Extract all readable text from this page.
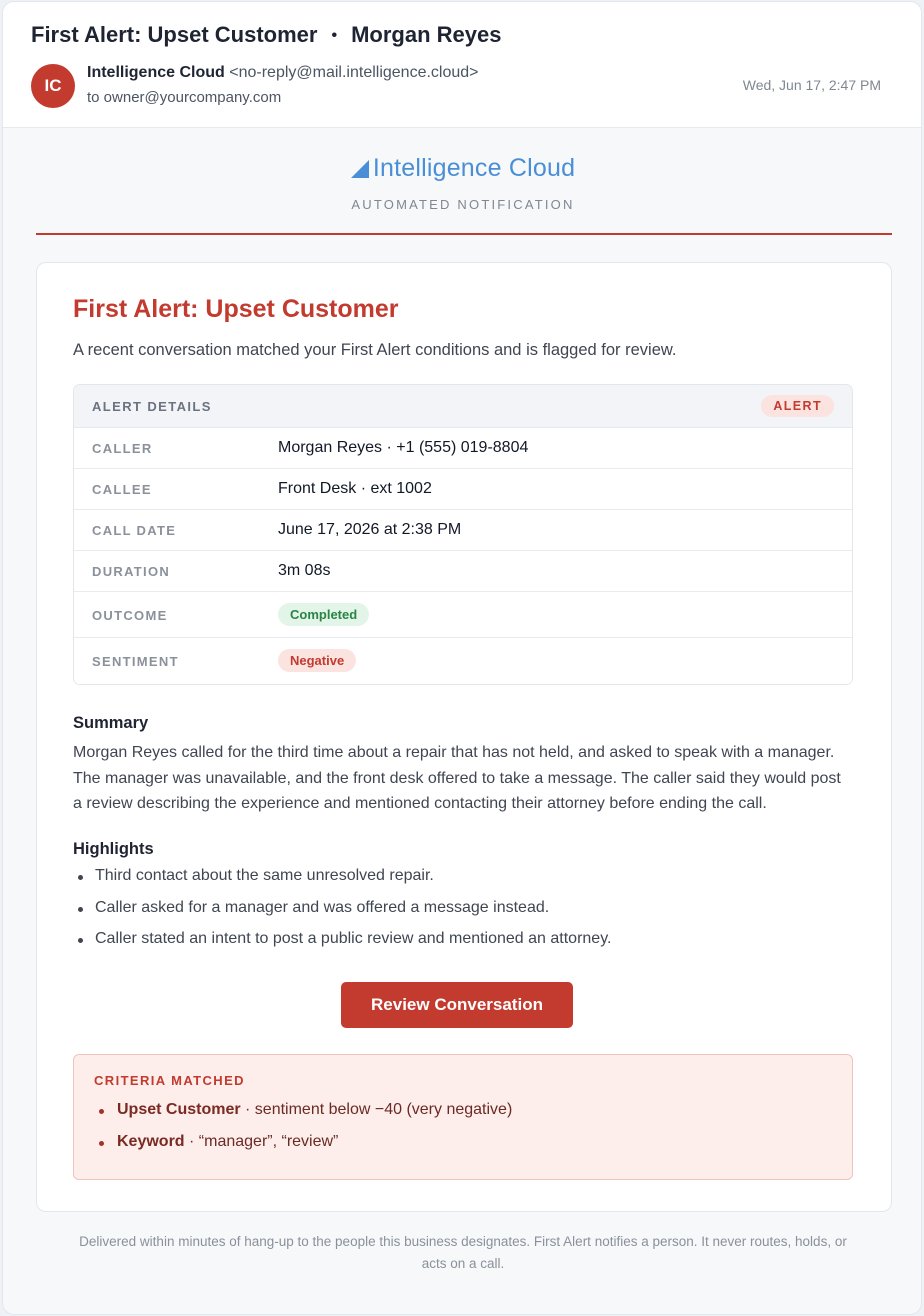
First Alert: Upset Customer • Morgan Reyes
IC
Intelligence Cloud <no-reply@mail.intelligence.cloud>
to owner@yourcompany.com
Wed, Jun 17, 2:47 PM
Intelligence Cloud
AUTOMATED NOTIFICATION
First Alert: Upset Customer
A recent conversation matched your First Alert conditions and is flagged for review.
ALERT DETAILS	ALERT
CALLER	Morgan Reyes · +1 (555) 019-8804
CALLEE	Front Desk · ext 1002
CALL DATE	June 17, 2026 at 2:38 PM
DURATION	3m 08s
OUTCOME	Completed
SENTIMENT	Negative
Summary
Morgan Reyes called for the third time about a repair that has not held, and asked to speak with a manager. The manager was unavailable, and the front desk offered to take a message. The caller said they would post a review describing the experience and mentioned contacting their attorney before ending the call.
Highlights
Third contact about the same unresolved repair.
Caller asked for a manager and was offered a message instead.
Caller stated an intent to post a public review and mentioned an attorney.
Review Conversation
CRITERIA MATCHED
Upset Customer · sentiment below −40 (very negative)
Keyword · “manager”, “review”
Delivered within minutes of hang-up to the people this business designates. First Alert notifies a person. It never routes, holds, or acts on a call.
